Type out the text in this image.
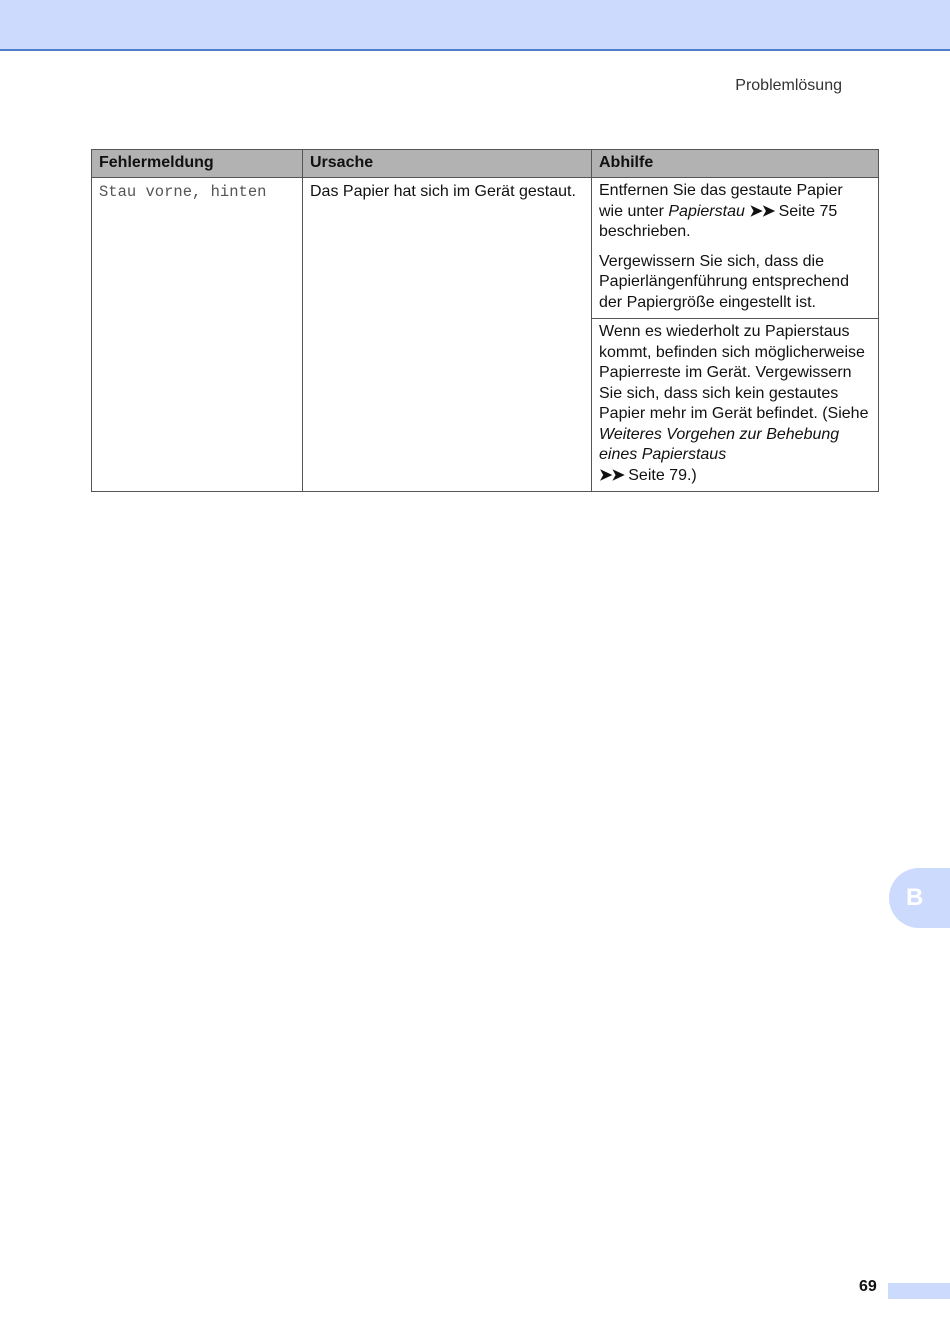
Problemlösung
Fehlermeldung	Ursache	Abhilfe
Stau vorne, hinten	Das Papier hat sich im Gerät gestaut.	Entfernen Sie das gestaute Papier wie unter Papierstau ➤➤ Seite 75 beschrieben.

Vergewissern Sie sich, dass die Papierlängenführung entsprechend der Papiergröße eingestellt ist.

		Wenn es wiederholt zu Papierstaus kommt, befinden sich möglicherweise Papierreste im Gerät. Vergewissern Sie sich, dass sich kein gestautes Papier mehr im Gerät befindet. (Siehe Weiteres Vorgehen zur Behebung eines Papierstaus
➤➤ Seite 79.)

B
69
